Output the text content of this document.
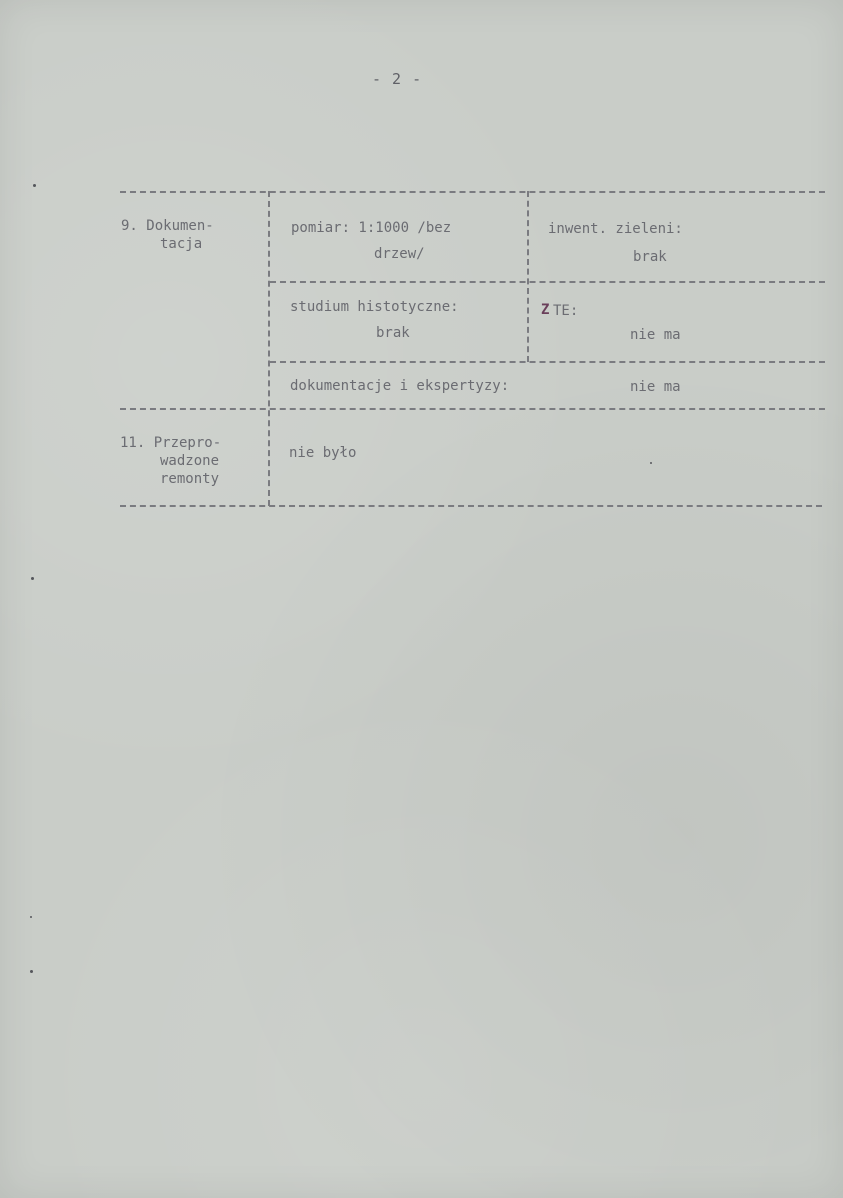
- 2 -
9. Dokumen-
tacja
pomiar: 1:1000 /bez
drzew/
inwent. zieleni:
brak
studium histotyczne:
brak
Z TE:
nie ma
dokumentacje i ekspertyzy:	nie ma
11. Przepro-
wadzone
remonty
nie było
